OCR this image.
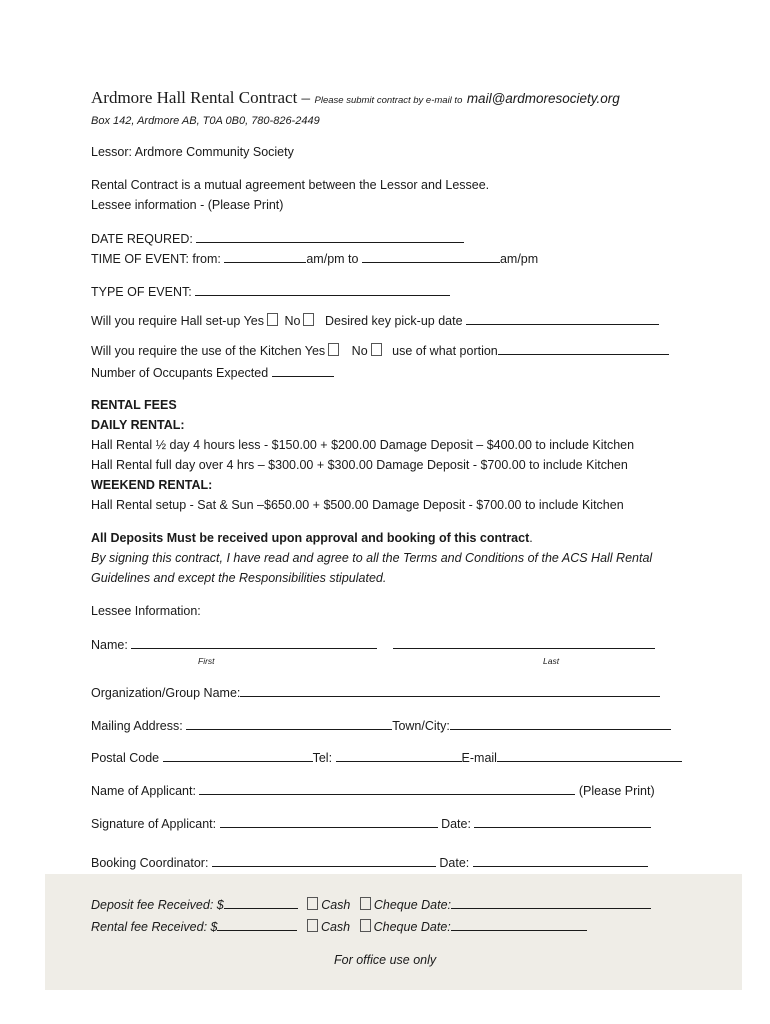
Ardmore Hall Rental Contract – Please submit contract by e-mail to mail@ardmoresociety.org
Box 142, Ardmore AB, T0A 0B0, 780-826-2449
Lessor: Ardmore Community Society
Rental Contract is a mutual agreement between the Lessor and Lessee.
Lessee information - (Please Print)
DATE REQURED:
TIME OF EVENT: from:	am/pm to	am/pm
TYPE OF EVENT:
Will you require Hall set-up Yes No Desired key pick-up date
Will you require the use of the Kitchen Yes No use of what portion
Number of Occupants Expected
RENTAL FEES
DAILY RENTAL:
Hall Rental ½ day 4 hours less - $150.00 + $200.00 Damage Deposit – $400.00 to include Kitchen
Hall Rental full day over 4 hrs – $300.00 + $300.00 Damage Deposit - $700.00 to include Kitchen
WEEKEND RENTAL:
Hall Rental setup - Sat & Sun –$650.00 + $500.00 Damage Deposit - $700.00 to include Kitchen
All Deposits Must be received upon approval and booking of this contract.
By signing this contract, I have read and agree to all the Terms and Conditions of the ACS Hall Rental
Guidelines and except the Responsibilities stipulated.
Lessee Information:
Name:
First	Last
Organization/Group Name:
Mailing Address:	Town/City:
Postal Code	Tel:	E-mail
Name of Applicant:	(Please Print)
Signature of Applicant:	Date:
Booking Coordinator:	Date:
Deposit fee Received: $	Cash Cheque Date:
Rental fee Received: $	Cash Cheque Date:
For office use only
